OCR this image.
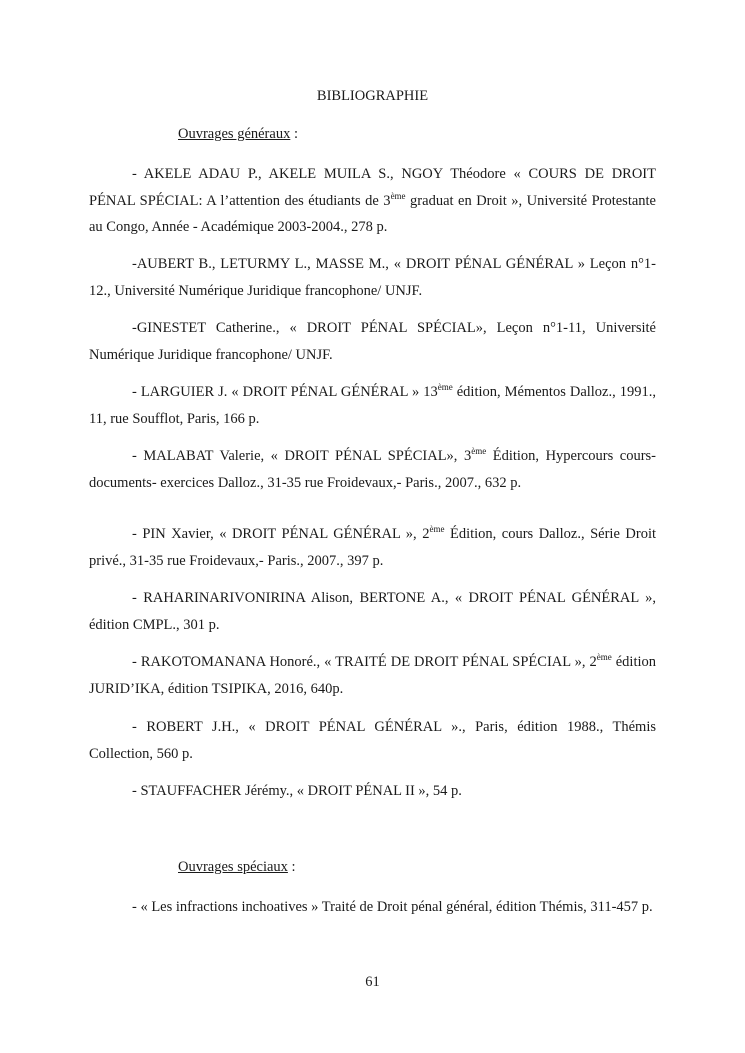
BIBLIOGRAPHIE
Ouvrages généraux :
- AKELE ADAU P., AKELE MUILA S., NGOY Théodore « COURS DE DROIT PÉNAL SPÉCIAL: A l’attention des étudiants de 3ème graduat en Droit », Université Protestante au Congo, Année - Académique 2003-2004., 278 p.
-AUBERT B., LETURMY L., MASSE M., « DROIT PÉNAL GÉNÉRAL » Leçon n°1-12., Université Numérique Juridique francophone/ UNJF.
-GINESTET Catherine., « DROIT PÉNAL SPÉCIAL», Leçon n°1-11, Université Numérique Juridique francophone/ UNJF.
- LARGUIER J. « DROIT PÉNAL GÉNÉRAL » 13ème édition, Mémentos Dalloz., 1991., 11, rue Soufflot, Paris, 166 p.
- MALABAT Valerie, « DROIT PÉNAL SPÉCIAL», 3ème Édition, Hypercours cours-documents- exercices Dalloz., 31-35 rue Froidevaux,- Paris., 2007., 632 p.
- PIN Xavier, « DROIT PÉNAL GÉNÉRAL », 2ème Édition, cours Dalloz., Série Droit privé., 31-35 rue Froidevaux,- Paris., 2007., 397 p.
- RAHARINARIVONIRINA Alison, BERTONE A., « DROIT PÉNAL GÉNÉRAL », édition CMPL., 301 p.
- RAKOTOMANANA Honoré., « TRAITÉ DE DROIT PÉNAL SPÉCIAL », 2ème édition JURID’IKA, édition TSIPIKA, 2016, 640p.
- ROBERT J.H., « DROIT PÉNAL GÉNÉRAL »., Paris, édition 1988., Thémis Collection, 560 p.
- STAUFFACHER Jérémy., « DROIT PÉNAL II », 54 p.
Ouvrages spéciaux :
- « Les infractions inchoatives » Traité de Droit pénal général, édition Thémis, 311-457 p.
61
